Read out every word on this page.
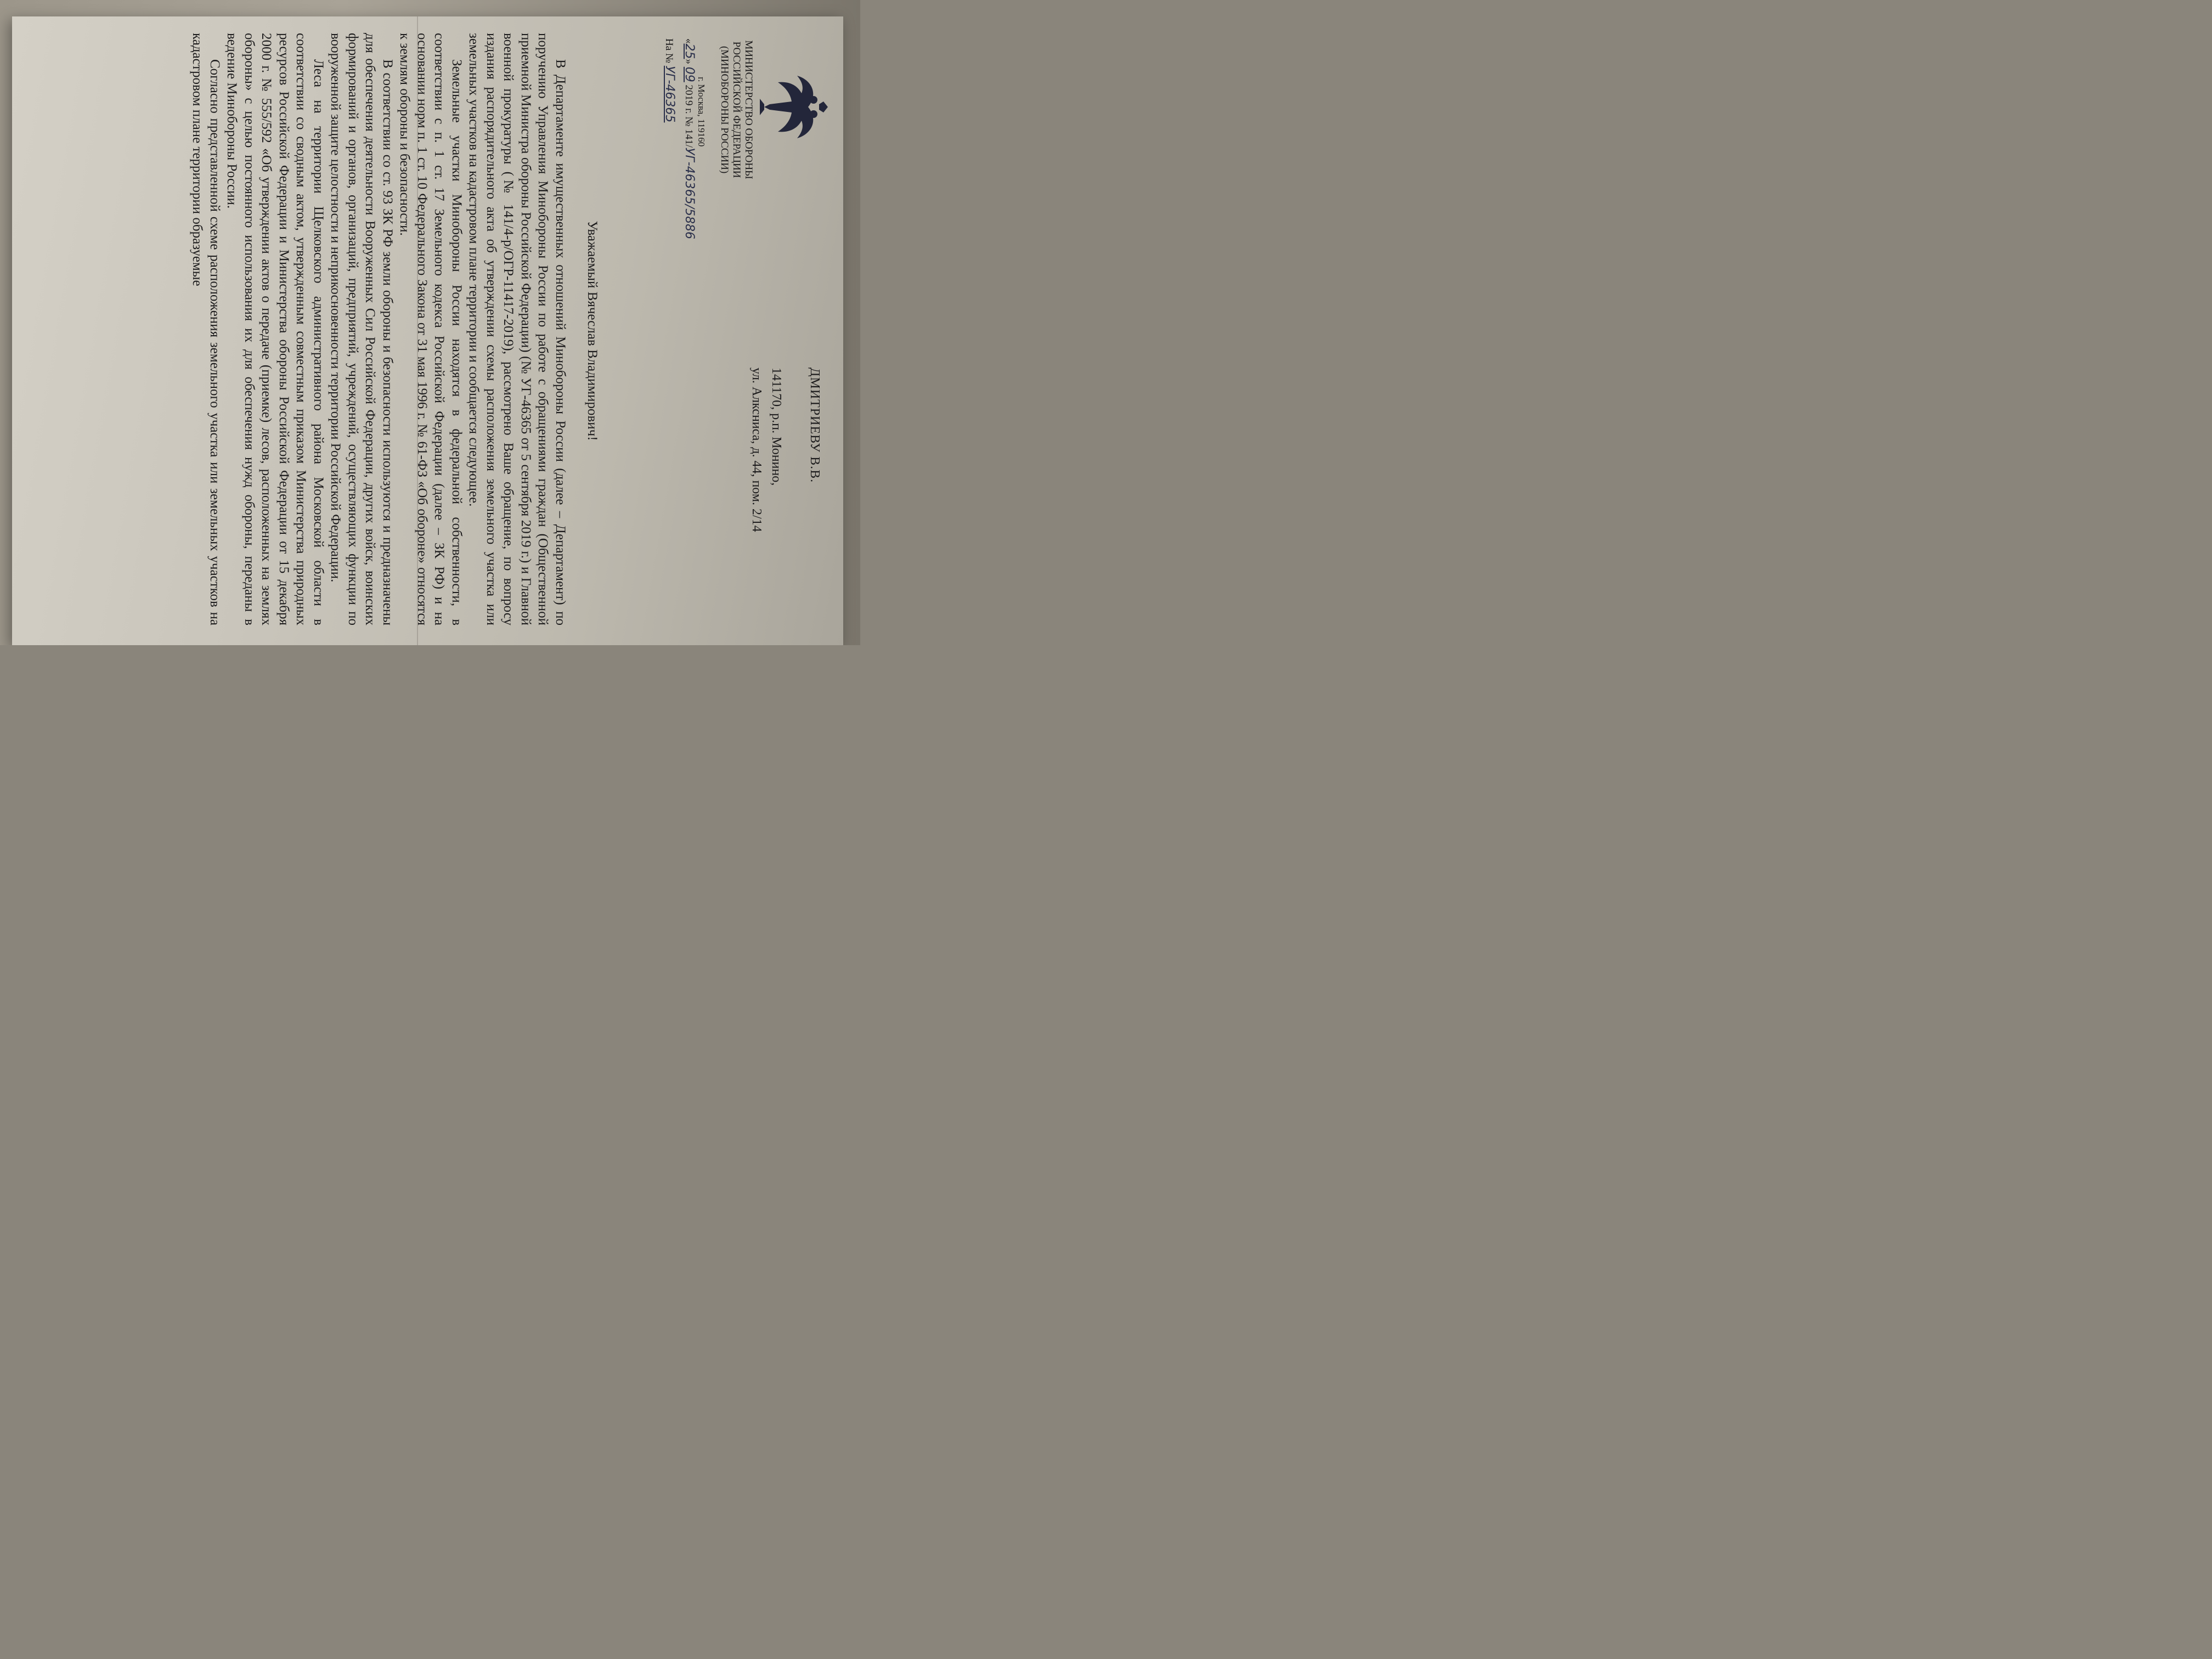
МИНИСТЕРСТВО ОБОРОНЫ
РОССИЙСКОЙ ФЕДЕРАЦИИ
(МИНОБОРОНЫ РОССИИ)
г. Москва, 119160
«25» 09 2019 г. № 141/УГ-46365/5886
На № УГ-46365
ДМИТРИЕВУ В.В.
141170, р.п. Монино,
ул. Алксниса, д. 44, пом. 2/14
Уважаемый Вячеслав Владимирович!

В Департаменте имущественных отношений Минобороны России (далее – Департамент) по поручению Управления Минобороны России по работе с обращениями граждан (Общественной приемной Министра обороны Российской Федерации) (№ УГ-46365 от 5 сентября 2019 г.) и Главной военной прокуратуры (№ 141/4-р/ОГР-11417-2019), рассмотрено Ваше обращение, по вопросу издания распорядительного акта об утверждении схемы расположения земельного участка или земельных участков на кадастровом плане территории и сообщается следующее.

Земельные участки Минобороны России находятся в федеральной собственности, в соответствии с п. 1 ст. 17 Земельного кодекса Российской Федерации (далее – ЗК РФ) и на основании норм п. 1 ст. 10 Федерального Закона от 31 мая 1996 г. № 61-ФЗ «Об обороне» относятся к землям обороны и безопасности.

В соответствии со ст. 93 ЗК РФ земли обороны и безопасности используются и предназначены для обеспечения деятельности Вооруженных Сил Российской Федерации, других войск, воинских формирований и органов, организаций, предприятий, учреждений, осуществляющих функции по вооруженной защите целостности и неприкосновенности территории Российской Федерации.

Леса на территории Щелковского административного района Московской области в соответствии со сводным актом, утвержденным совместным приказом Министерства природных ресурсов Российской Федерации и Министерства обороны Российской Федерации от 15 декабря 2000 г. № 555/592 «Об утверждении актов о передаче (приемке) лесов, расположенных на землях обороны» с целью постоянного использования их для обеспечения нужд обороны, переданы в ведение Минобороны России.

Согласно представленной схеме расположения земельного участка или земельных участков на кадастровом плане территории образуемые
